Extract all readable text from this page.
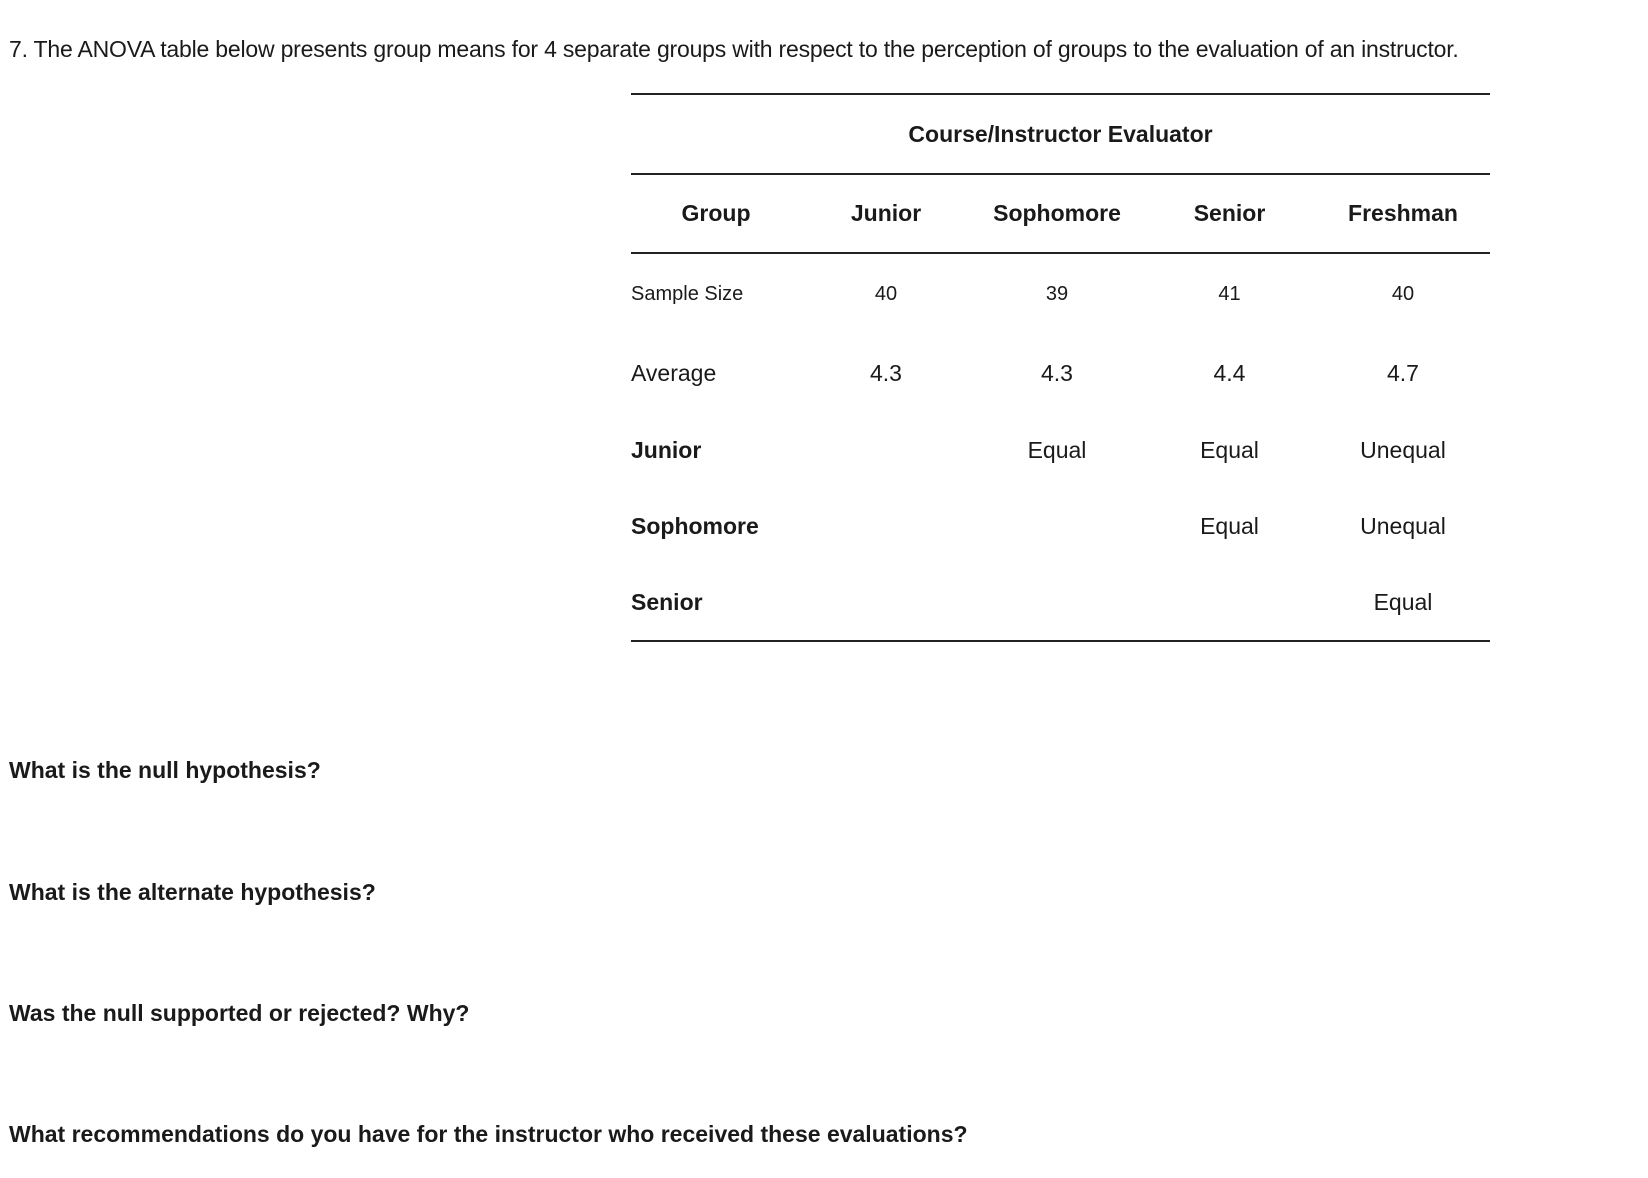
7. The ANOVA table below presents group means for 4 separate groups with respect to the perception of groups to the evaluation of an instructor.
Course/Instructor Evaluator
Group	Junior	Sophomore	Senior	Freshman
Sample Size	40	39	41	40
Average	4.3	4.3	4.4	4.7
Junior		Equal	Equal	Unequal
Sophomore			Equal	Unequal
Senior				Equal
What is the null hypothesis?
What is the alternate hypothesis?
Was the null supported or rejected? Why?
What recommendations do you have for the instructor who received these evaluations?
